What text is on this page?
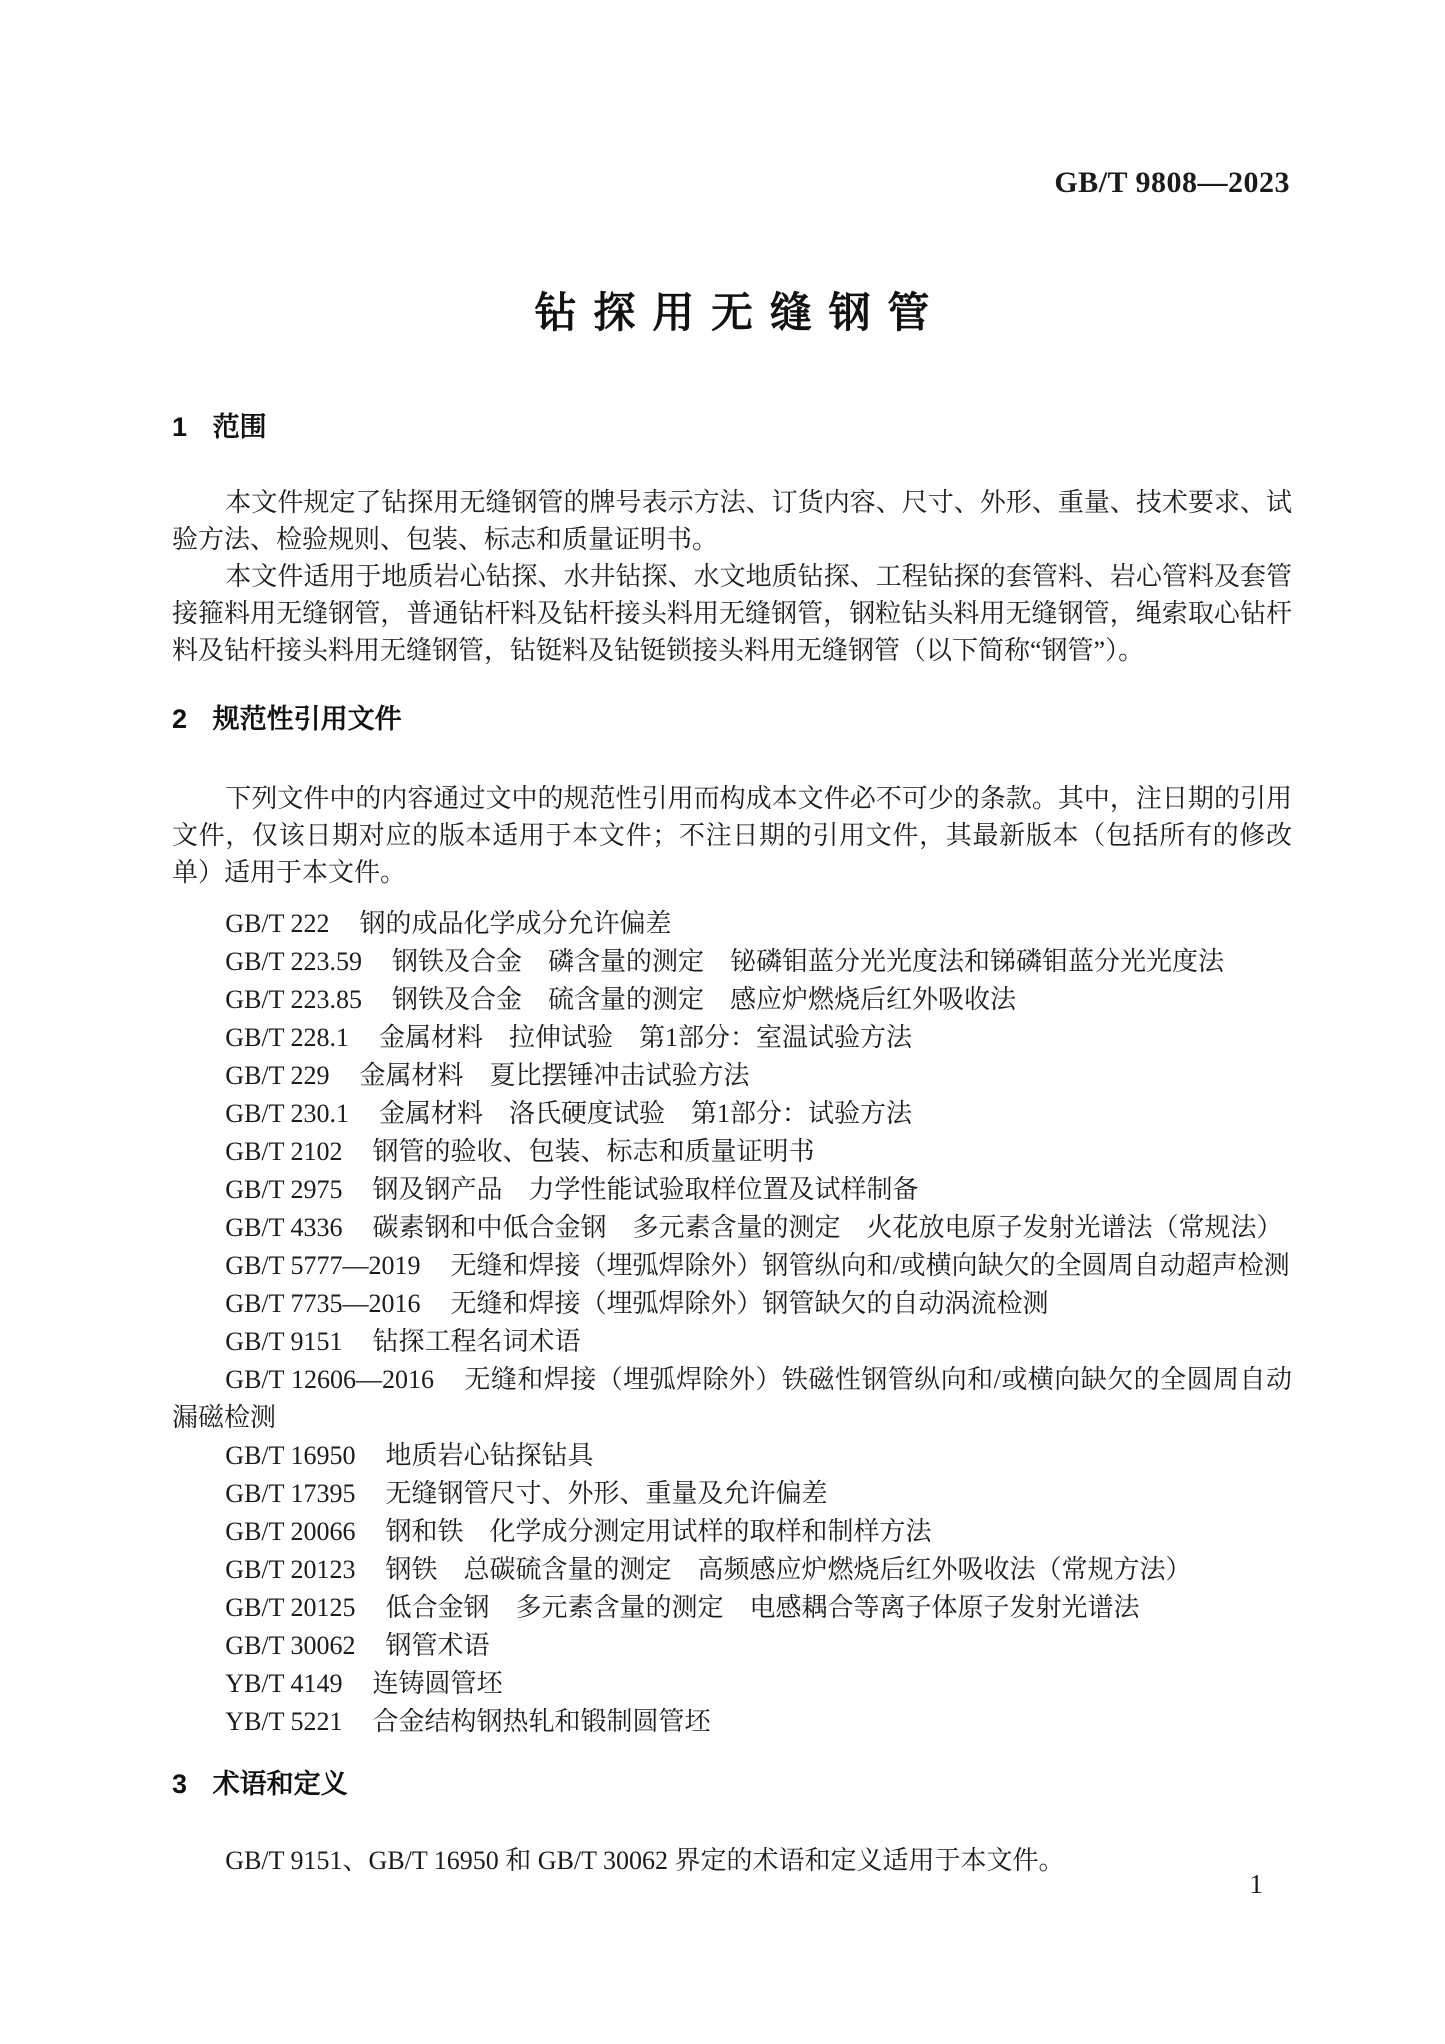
GB/T 9808—2023
钻探用无缝钢管
1 范围

本文件规定了钻探用无缝钢管的牌号表示方法、订货内容、尺寸、外形、重量、技术要求、试验方法、检验规则、包装、标志和质量证明书。

本文件适用于地质岩心钻探、水井钻探、水文地质钻探、工程钻探的套管料、岩心管料及套管接箍料用无缝钢管，普通钻杆料及钻杆接头料用无缝钢管，钢粒钻头料用无缝钢管，绳索取心钻杆料及钻杆接头料用无缝钢管，钻铤料及钻铤锁接头料用无缝钢管（以下简称“钢管”）。

2 规范性引用文件

下列文件中的内容通过文中的规范性引用而构成本文件必不可少的条款。其中，注日期的引用文件，仅该日期对应的版本适用于本文件；不注日期的引用文件，其最新版本（包括所有的修改单）适用于本文件。

GB/T 222 钢的成品化学成分允许偏差

GB/T 223.59 钢铁及合金　磷含量的测定　铋磷钼蓝分光光度法和锑磷钼蓝分光光度法

GB/T 223.85 钢铁及合金　硫含量的测定　感应炉燃烧后红外吸收法

GB/T 228.1 金属材料　拉伸试验　第1部分：室温试验方法

GB/T 229 金属材料　夏比摆锤冲击试验方法

GB/T 230.1 金属材料　洛氏硬度试验　第1部分：试验方法

GB/T 2102 钢管的验收、包装、标志和质量证明书

GB/T 2975 钢及钢产品　力学性能试验取样位置及试样制备

GB/T 4336 碳素钢和中低合金钢　多元素含量的测定　火花放电原子发射光谱法（常规法）

GB/T 5777—2019 无缝和焊接（埋弧焊除外）钢管纵向和/或横向缺欠的全圆周自动超声检测

GB/T 7735—2016 无缝和焊接（埋弧焊除外）钢管缺欠的自动涡流检测

GB/T 9151 钻探工程名词术语

GB/T 12606—2016 无缝和焊接（埋弧焊除外）铁磁性钢管纵向和/或横向缺欠的全圆周自动漏磁检测

GB/T 16950 地质岩心钻探钻具

GB/T 17395 无缝钢管尺寸、外形、重量及允许偏差

GB/T 20066 钢和铁　化学成分测定用试样的取样和制样方法

GB/T 20123 钢铁　总碳硫含量的测定　高频感应炉燃烧后红外吸收法（常规方法）

GB/T 20125 低合金钢　多元素含量的测定　电感耦合等离子体原子发射光谱法

GB/T 30062 钢管术语

YB/T 4149 连铸圆管坯

YB/T 5221 合金结构钢热轧和锻制圆管坯

3 术语和定义

GB/T 9151、GB/T 16950 和 GB/T 30062 界定的术语和定义适用于本文件。

1
